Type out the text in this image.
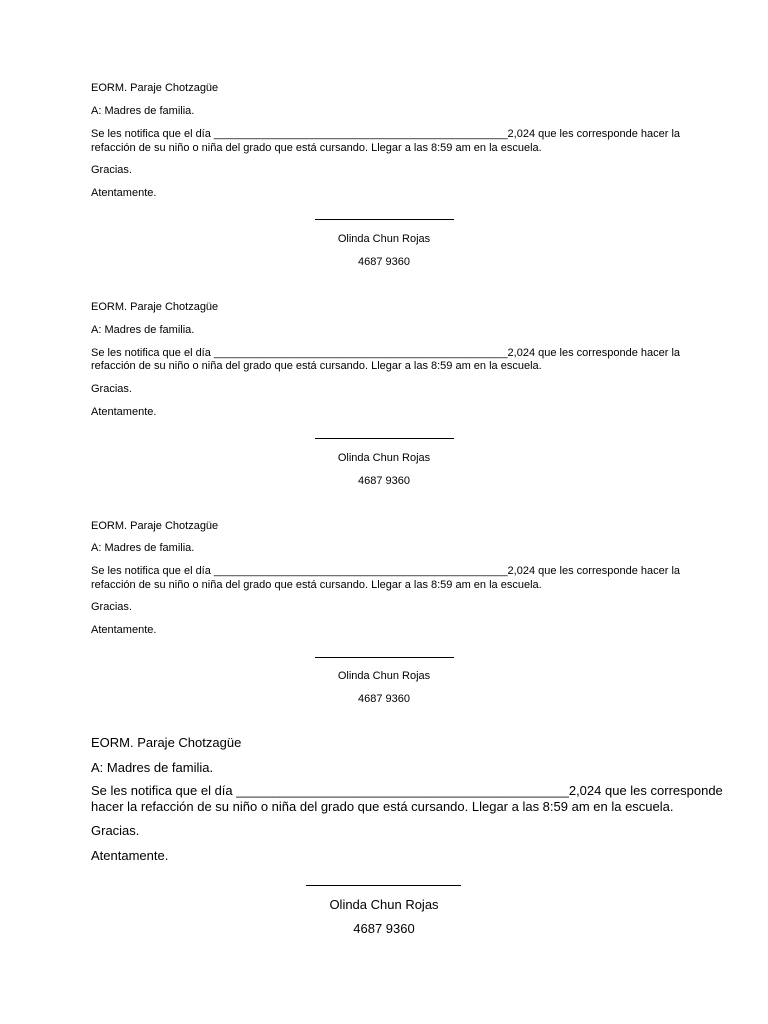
EORM. Paraje Chotzagüe
A: Madres de familia.
Se les notifica que el día ________________________________________________2,024 que les corresponde hacer la
refacción de su niño o niña del grado que está cursando. Llegar a las 8:59 am en la escuela.
Gracias.
Atentamente.
Olinda Chun Rojas
4687 9360
EORM. Paraje Chotzagüe
A: Madres de familia.
Se les notifica que el día ________________________________________________2,024 que les corresponde hacer la
refacción de su niño o niña del grado que está cursando. Llegar a las 8:59 am en la escuela.
Gracias.
Atentamente.
Olinda Chun Rojas
4687 9360
EORM. Paraje Chotzagüe
A: Madres de familia.
Se les notifica que el día ________________________________________________2,024 que les corresponde hacer la
refacción de su niño o niña del grado que está cursando. Llegar a las 8:59 am en la escuela.
Gracias.
Atentamente.
Olinda Chun Rojas
4687 9360
EORM. Paraje Chotzagüe
A: Madres de familia.
Se les notifica que el día ______________________________________________2,024 que les corresponde
hacer la refacción de su niño o niña del grado que está cursando. Llegar a las 8:59 am en la escuela.
Gracias.
Atentamente.
Olinda Chun Rojas
4687 9360
